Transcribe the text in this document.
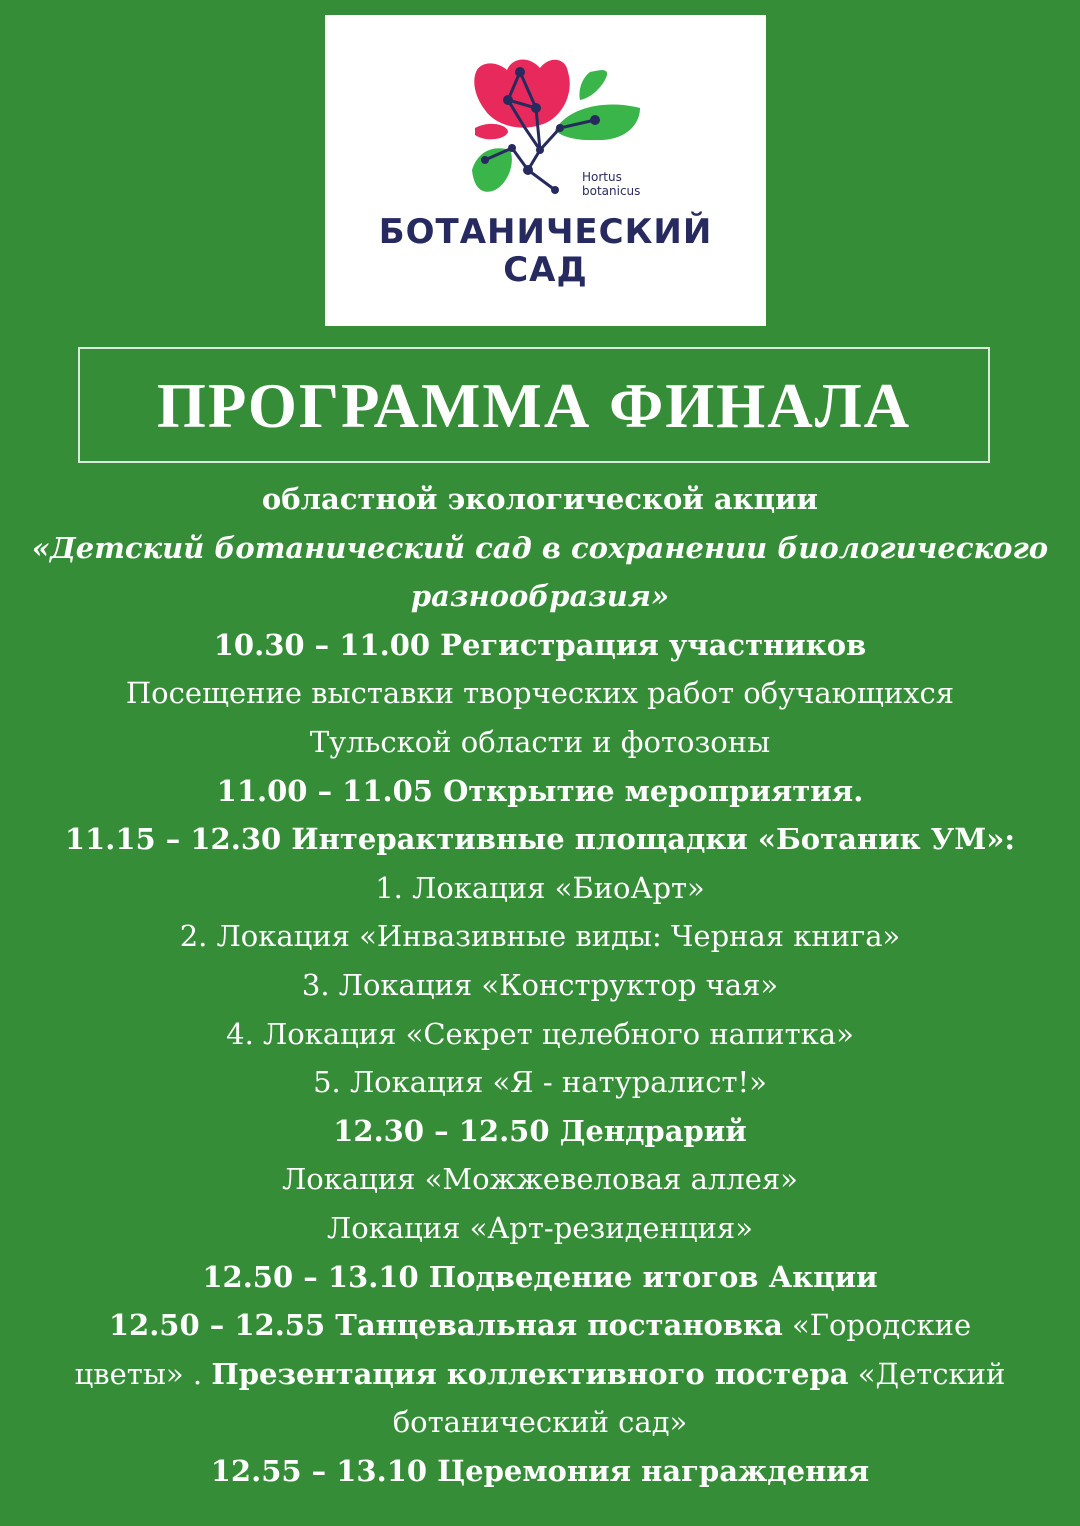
Hortus
botanicus
БОТАНИЧЕСКИЙ
САД
ПРОГРАММА ФИНАЛА
областной экологической акции
«Детский ботанический сад в сохранении биологического
разнообразия»
10.30 – 11.00 Регистрация участников
Посещение выставки творческих работ обучающихся
Тульской области и фотозоны
11.00 – 11.05 Открытие мероприятия.
11.15 – 12.30 Интерактивные площадки «Ботаник УМ»:
1. Локация «БиоАрт»
2. Локация «Инвазивные виды: Черная книга»
3. Локация «Конструктор чая»
4. Локация «Секрет целебного напитка»
5. Локация «Я - натуралист!»
12.30 – 12.50 Дендрарий
Локация «Можжевеловая аллея»
Локация «Арт-резиденция»
12.50 – 13.10 Подведение итогов Акции
12.50 – 12.55 Танцевальная постановка «Городские
цветы» . Презентация коллективного постера «Детский
ботанический сад»
12.55 – 13.10 Церемония награждения
